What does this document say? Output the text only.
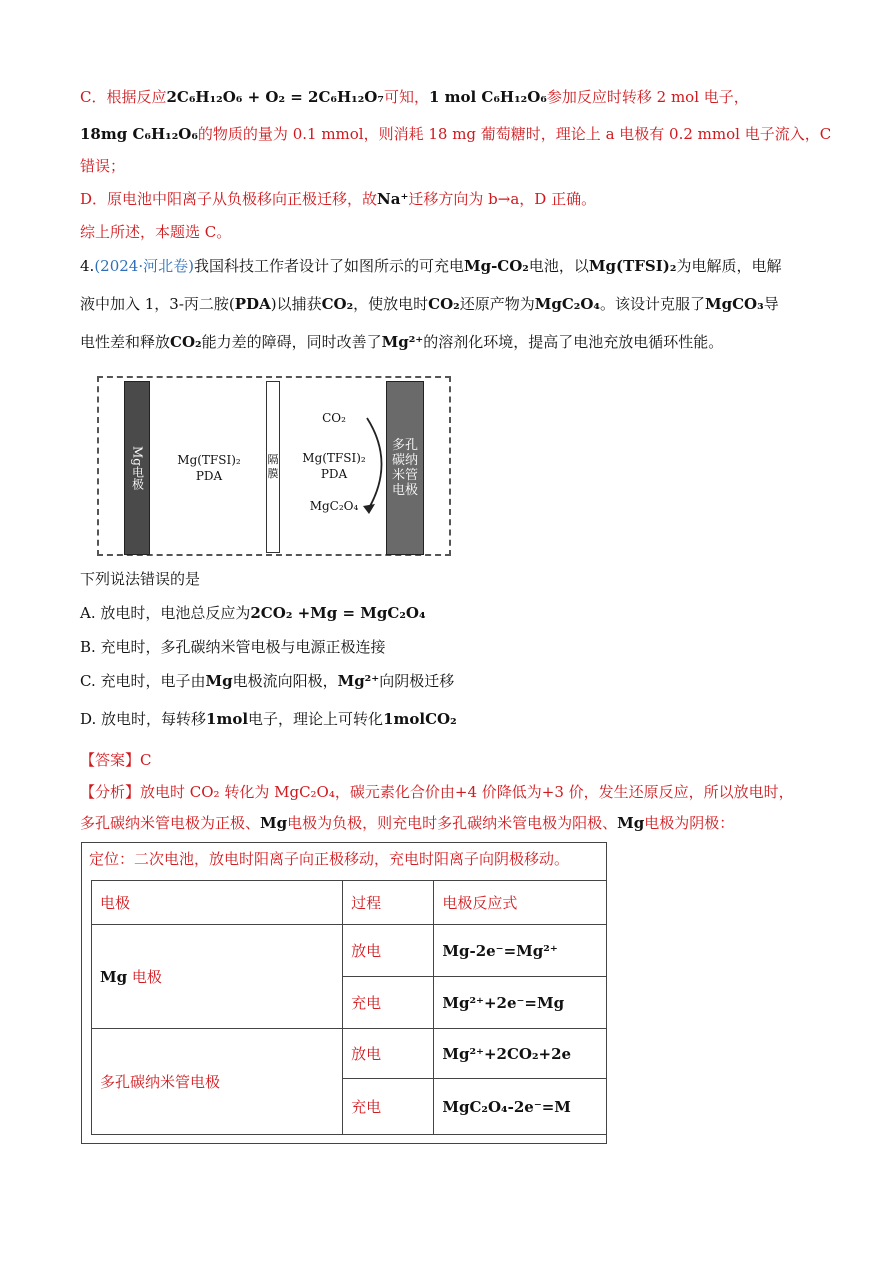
C．根据反应2C₆H₁₂O₆ + O₂ = 2C₆H₁₂O₇可知，1 mol C₆H₁₂O₆参加反应时转移 2 mol 电子，
18mg C₆H₁₂O₆的物质的量为 0.1 mmol，则消耗 18 mg 葡萄糖时，理论上 a 电极有 0.2 mmol 电子流入，C
错误；
D．原电池中阳离子从负极移向正极迁移，故Na⁺迁移方向为 b→a，D 正确。
综上所述，本题选 C。
4.(2024·河北卷)我国科技工作者设计了如图所示的可充电Mg-CO₂电池，以Mg(TFSI)₂为电解质，电解
液中加入 1，3-丙二胺(PDA)以捕获CO₂，使放电时CO₂还原产物为MgC₂O₄。该设计克服了MgCO₃导
电性差和释放CO₂能力差的障碍，同时改善了Mg²⁺的溶剂化环境，提高了电池充放电循环性能。
Mg电极	Mg(TFSI)₂
PDA
隔膜
CO₂
Mg(TFSI)₂
PDA
MgC₂O₄
多孔
碳纳
米管
电极
下列说法错误的是
A. 放电时，电池总反应为2CO₂ +Mg = MgC₂O₄
B. 充电时，多孔碳纳米管电极与电源正极连接
C. 充电时，电子由Mg电极流向阳极，Mg²⁺向阴极迁移
D. 放电时，每转移1mol电子，理论上可转化1molCO₂
【答案】C
【分析】放电时 CO₂ 转化为 MgC₂O₄，碳元素化合价由+4 价降低为+3 价，发生还原反应，所以放电时，
多孔碳纳米管电极为正极、Mg电极为负极，则充电时多孔碳纳米管电极为阳极、Mg电极为阴极：
定位：二次电池，放电时阳离子向正极移动，充电时阳离子向阴极移动。
电极	过程	电极反应式
Mg 电极	放电	Mg-2e⁻=Mg²⁺
	充电	Mg²⁺+2e⁻=Mg
多孔碳纳米管电极	放电	Mg²⁺+2CO₂+2e
	充电	MgC₂O₄-2e⁻=M
